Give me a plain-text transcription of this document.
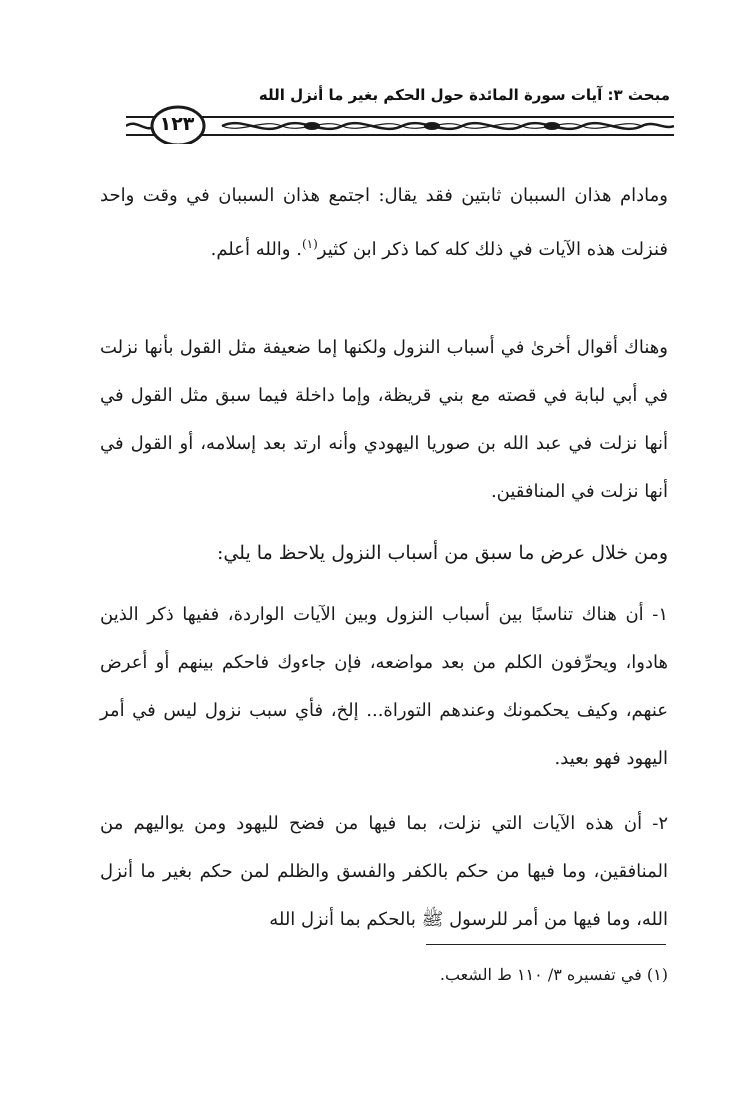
مبحث ٣: آيات سورة المائدة حول الحكم بغير ما أنزل الله
١٢٣
ومادام هذان السببان ثابتين فقد يقال: اجتمع هذان السببان في وقت واحد فنزلت هذه الآيات في ذلك كله كما ذكر ابن كثير$^{(١)}$. والله أعلم.
وهناك أقوال أخرىٰ في أسباب النزول ولكنها إما ضعيفة مثل القول بأنها نزلت في أبي لبابة في قصته مع بني قريظة، وإما داخلة فيما سبق مثل القول في أنها نزلت في عبد الله بن صوريا اليهودي وأنه ارتد بعد إسلامه، أو القول في أنها نزلت في المنافقين.
ومن خلال عرض ما سبق من أسباب النزول يلاحظ ما يلي:
١- أن هناك تناسبًا بين أسباب النزول وبين الآيات الواردة، ففيها ذكر الذين هادوا، ويحرِّفون الكلم من بعد مواضعه، فإن جاءوك فاحكم بينهم أو أعرض عنهم، وكيف يحكمونك وعندهم التوراة... إلخ، فأي سبب نزول ليس في أمر اليهود فهو بعيد.
٢- أن هذه الآيات التي نزلت، بما فيها من فضح لليهود ومن يواليهم من المنافقين، وما فيها من حكم بالكفر والفسق والظلم لمن حكم بغير ما أنزل الله، وما فيها من أمر للرسول ﷺ بالحكم بما أنزل الله
(١) في تفسيره ٣/ ١١٠ ط الشعب.
